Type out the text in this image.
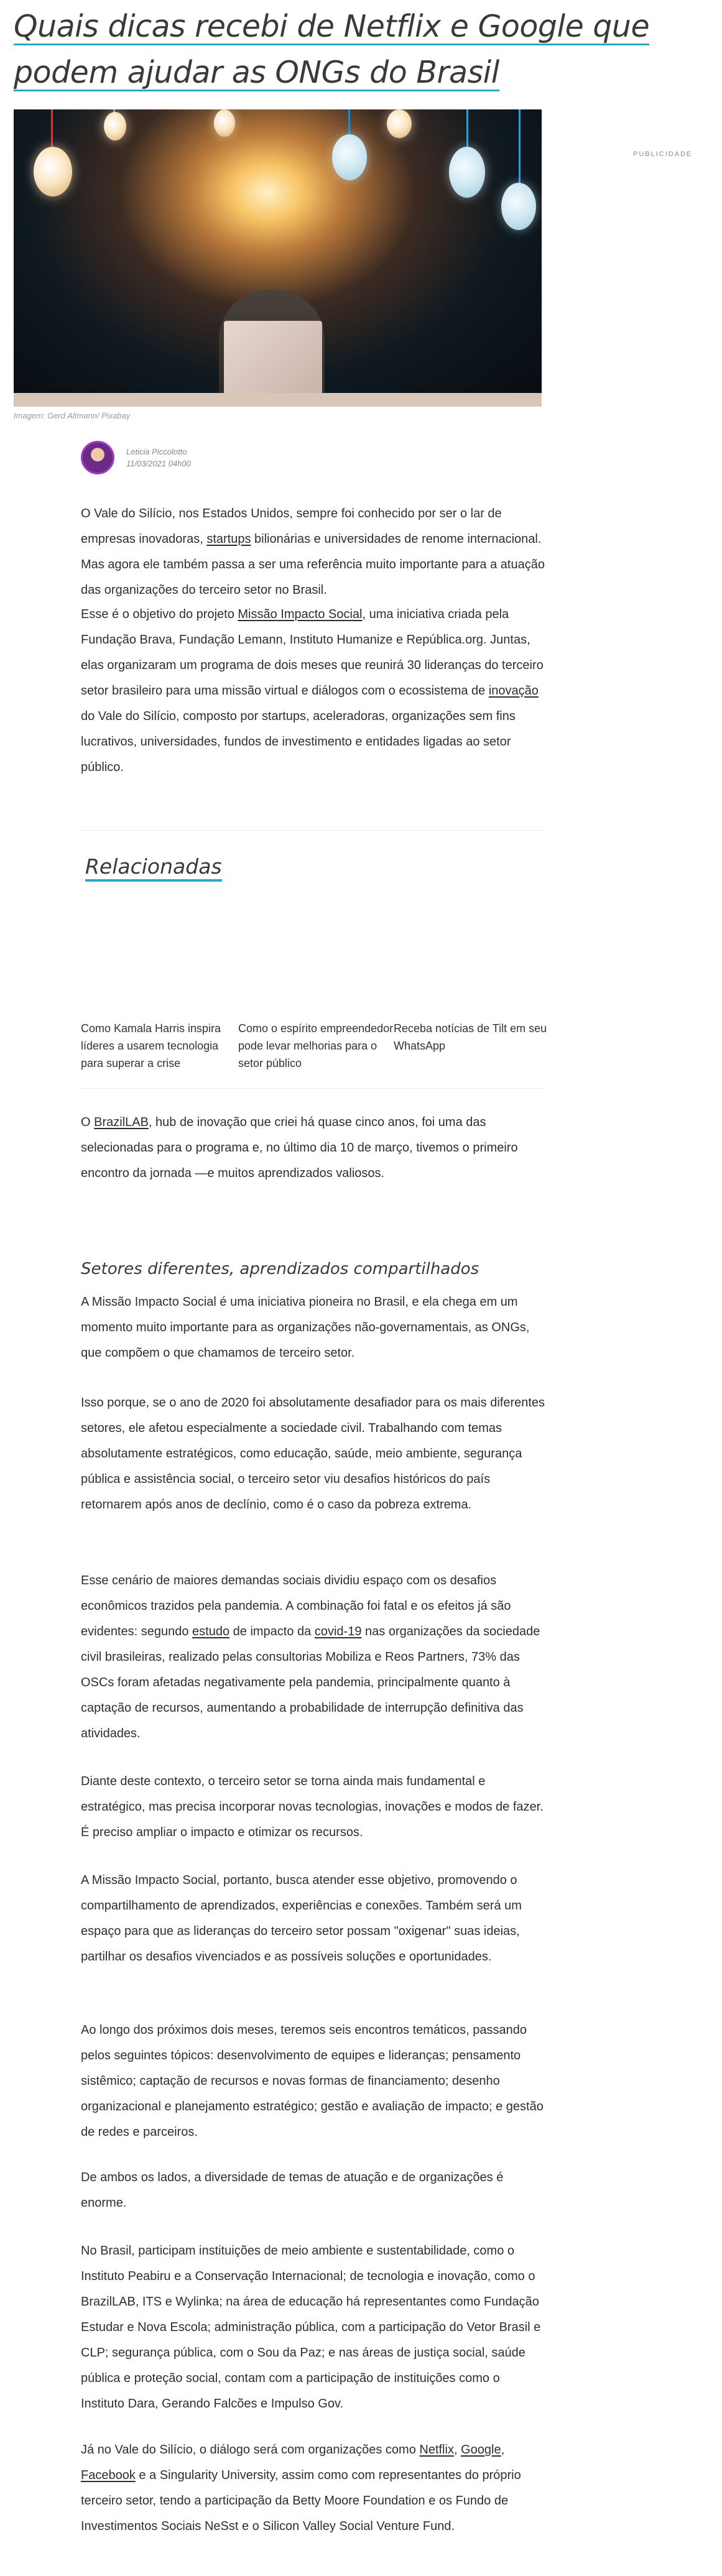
Quais dicas recebi de Netflix e Google que podem ajudar as ONGs do Brasil
Imagem: Gerd Altmann/ Pixabay
PUBLICIDADE
Leticia Piccolotto
11/03/2021 04h00

O Vale do Silício, nos Estados Unidos, sempre foi conhecido por ser o lar de empresas inovadoras, startups bilionárias e universidades de renome internacional. Mas agora ele também passa a ser uma referência muito importante para a atuação das organizações do terceiro setor no Brasil.

Esse é o objetivo do projeto Missão Impacto Social, uma iniciativa criada pela Fundação Brava, Fundação Lemann, Instituto Humanize e República.org. Juntas, elas organizaram um programa de dois meses que reunirá 30 lideranças do terceiro setor brasileiro para uma missão virtual e diálogos com o ecossistema de inovação do Vale do Silício, composto por startups, aceleradoras, organizações sem fins lucrativos, universidades, fundos de investimento e entidades ligadas ao setor público.

Relacionadas
Como Kamala Harris inspira líderes a usarem tecnologia para superar a crise
Como o espírito empreendedor pode levar melhorias para o setor público
Receba notícias de Tilt em seu WhatsApp

O BrazilLAB, hub de inovação que criei há quase cinco anos, foi uma das selecionadas para o programa e, no último dia 10 de março, tivemos o primeiro encontro da jornada —e muitos aprendizados valiosos.

Setores diferentes, aprendizados compartilhados

A Missão Impacto Social é uma iniciativa pioneira no Brasil, e ela chega em um momento muito importante para as organizações não-governamentais, as ONGs, que compõem o que chamamos de terceiro setor.

Isso porque, se o ano de 2020 foi absolutamente desafiador para os mais diferentes setores, ele afetou especialmente a sociedade civil. Trabalhando com temas absolutamente estratégicos, como educação, saúde, meio ambiente, segurança pública e assistência social, o terceiro setor viu desafios históricos do país retornarem após anos de declínio, como é o caso da pobreza extrema.

Esse cenário de maiores demandas sociais dividiu espaço com os desafios econômicos trazidos pela pandemia. A combinação foi fatal e os efeitos já são evidentes: segundo estudo de impacto da covid-19 nas organizações da sociedade civil brasileiras, realizado pelas consultorias Mobiliza e Reos Partners, 73% das OSCs foram afetadas negativamente pela pandemia, principalmente quanto à captação de recursos, aumentando a probabilidade de interrupção definitiva das atividades.

Diante deste contexto, o terceiro setor se torna ainda mais fundamental e estratégico, mas precisa incorporar novas tecnologias, inovações e modos de fazer. É preciso ampliar o impacto e otimizar os recursos.

A Missão Impacto Social, portanto, busca atender esse objetivo, promovendo o compartilhamento de aprendizados, experiências e conexões. Também será um espaço para que as lideranças do terceiro setor possam "oxigenar" suas ideias, partilhar os desafios vivenciados e as possíveis soluções e oportunidades.

Ao longo dos próximos dois meses, teremos seis encontros temáticos, passando pelos seguintes tópicos: desenvolvimento de equipes e lideranças; pensamento sistêmico; captação de recursos e novas formas de financiamento; desenho organizacional e planejamento estratégico; gestão e avaliação de impacto; e gestão de redes e parceiros.

De ambos os lados, a diversidade de temas de atuação e de organizações é enorme.

No Brasil, participam instituições de meio ambiente e sustentabilidade, como o Instituto Peabiru e a Conservação Internacional; de tecnologia e inovação, como o BrazilLAB, ITS e Wylinka; na área de educação há representantes como Fundação Estudar e Nova Escola; administração pública, com a participação do Vetor Brasil e CLP; segurança pública, com o Sou da Paz; e nas áreas de justiça social, saúde pública e proteção social, contam com a participação de instituições como o Instituto Dara, Gerando Falcões e Impulso Gov.

Já no Vale do Silício, o diálogo será com organizações como Netflix, Google, Facebook e a Singularity University, assim como com representantes do próprio terceiro setor, tendo a participação da Betty Moore Foundation e os Fundo de Investimentos Sociais NeSst e o Silicon Valley Social Venture Fund.
